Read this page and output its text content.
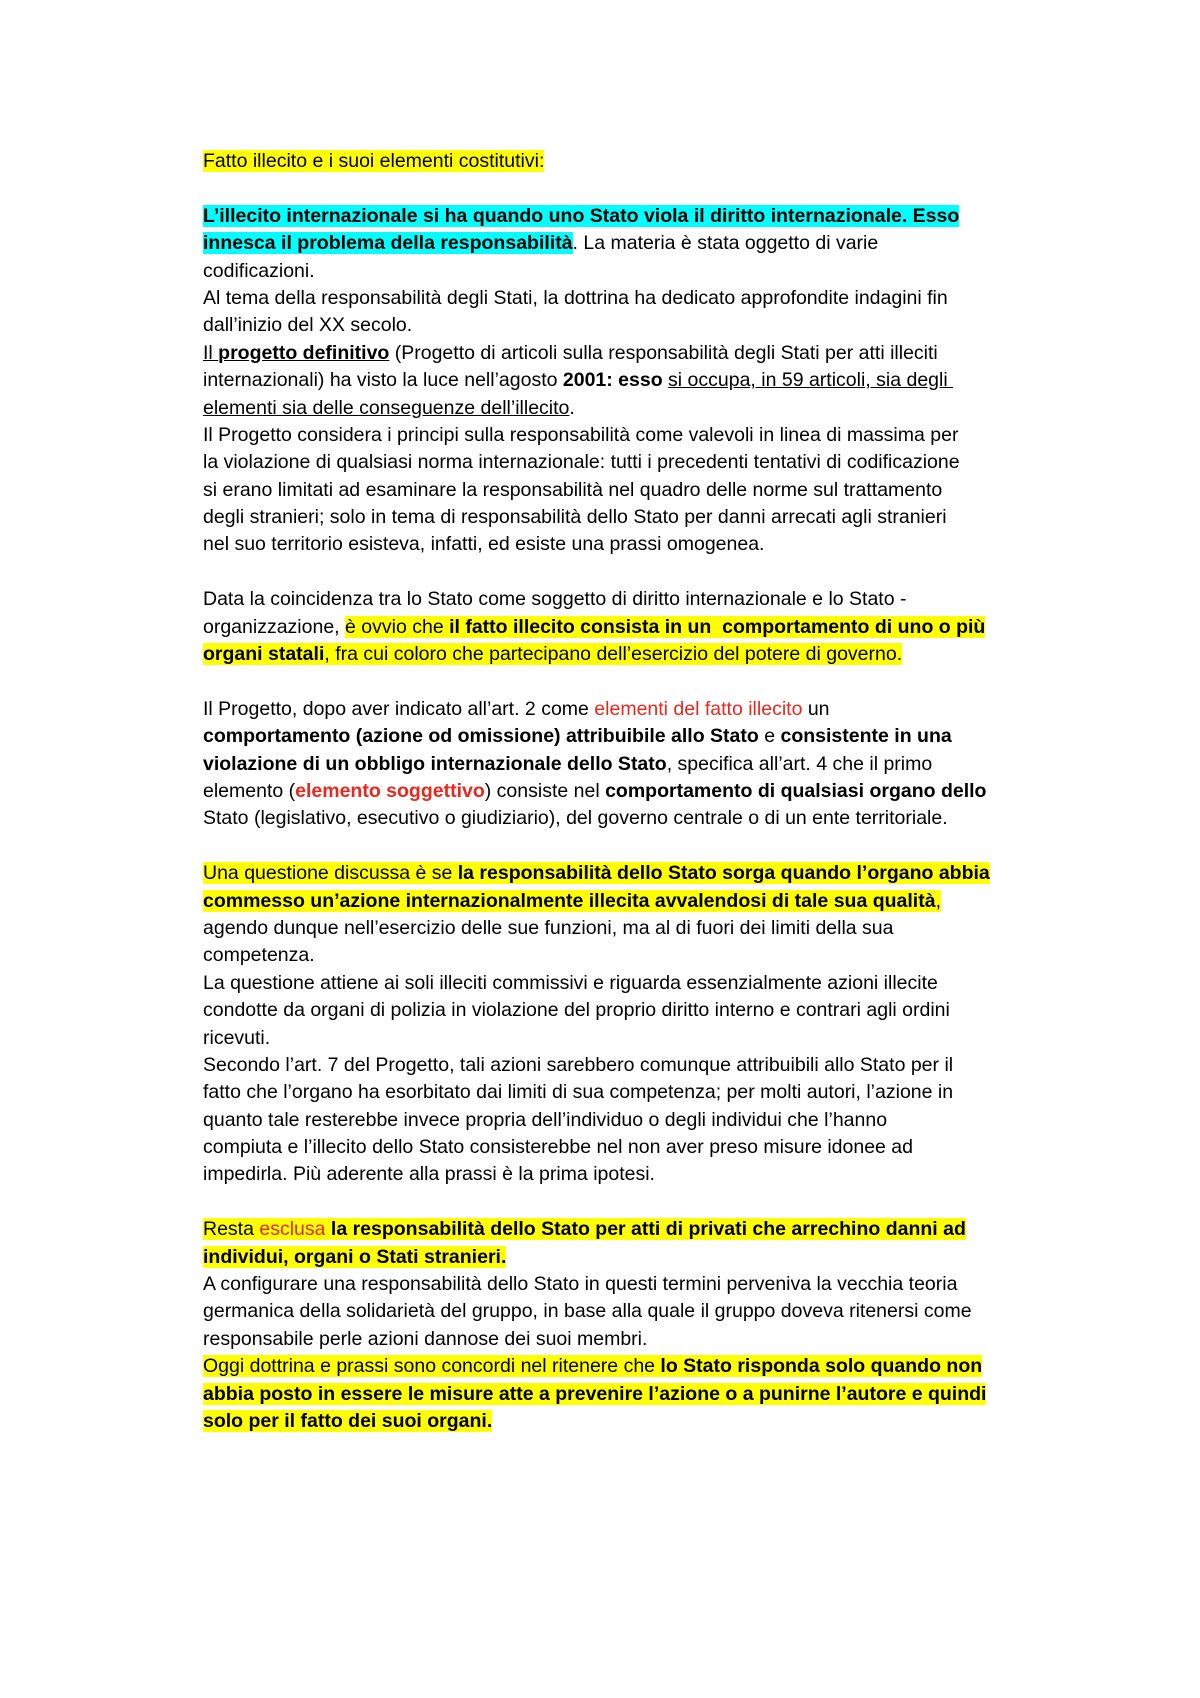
Fatto illecito e i suoi elementi costitutivi:
L’illecito internazionale si ha quando uno Stato viola il diritto internazionale. Esso
innesca il problema della responsabilità. La materia è stata oggetto di varie
codificazioni.
Al tema della responsabilità degli Stati, la dottrina ha dedicato approfondite indagini fin
dall’inizio del XX secolo.
Il progetto definitivo (Progetto di articoli sulla responsabilità degli Stati per atti illeciti
internazionali) ha visto la luce nell’agosto 2001: esso si occupa, in 59 articoli, sia degli
elementi sia delle conseguenze dell’illecito.
Il Progetto considera i principi sulla responsabilità come valevoli in linea di massima per
la violazione di qualsiasi norma internazionale: tutti i precedenti tentativi di codificazione
si erano limitati ad esaminare la responsabilità nel quadro delle norme sul trattamento
degli stranieri; solo in tema di responsabilità dello Stato per danni arrecati agli stranieri
nel suo territorio esisteva, infatti, ed esiste una prassi omogenea.
Data la coincidenza tra lo Stato come soggetto di diritto internazionale e lo Stato -
organizzazione, è ovvio che il fatto illecito consista in un  comportamento di uno o più
organi statali, fra cui coloro che partecipano dell’esercizio del potere di governo.
Il Progetto, dopo aver indicato all’art. 2 come elementi del fatto illecito un
comportamento (azione od omissione) attribuibile allo Stato e consistente in una
violazione di un obbligo internazionale dello Stato, specifica all’art. 4 che il primo
elemento (elemento soggettivo) consiste nel comportamento di qualsiasi organo dello
Stato (legislativo, esecutivo o giudiziario), del governo centrale o di un ente territoriale.
Una questione discussa è se la responsabilità dello Stato sorga quando l’organo abbia
commesso un’azione internazionalmente illecita avvalendosi di tale sua qualità,
agendo dunque nell’esercizio delle sue funzioni, ma al di fuori dei limiti della sua
competenza.
La questione attiene ai soli illeciti commissivi e riguarda essenzialmente azioni illecite
condotte da organi di polizia in violazione del proprio diritto interno e contrari agli ordini
ricevuti.
Secondo l’art. 7 del Progetto, tali azioni sarebbero comunque attribuibili allo Stato per il
fatto che l’organo ha esorbitato dai limiti di sua competenza; per molti autori, l’azione in
quanto tale resterebbe invece propria dell’individuo o degli individui che l’hanno
compiuta e l’illecito dello Stato consisterebbe nel non aver preso misure idonee ad
impedirla. Più aderente alla prassi è la prima ipotesi.
Resta esclusa la responsabilità dello Stato per atti di privati che arrechino danni ad
individui, organi o Stati stranieri.
A configurare una responsabilità dello Stato in questi termini perveniva la vecchia teoria
germanica della solidarietà del gruppo, in base alla quale il gruppo doveva ritenersi come
responsabile perle azioni dannose dei suoi membri.
Oggi dottrina e prassi sono concordi nel ritenere che lo Stato risponda solo quando non
abbia posto in essere le misure atte a prevenire l’azione o a punirne l’autore e quindi
solo per il fatto dei suoi organi.
